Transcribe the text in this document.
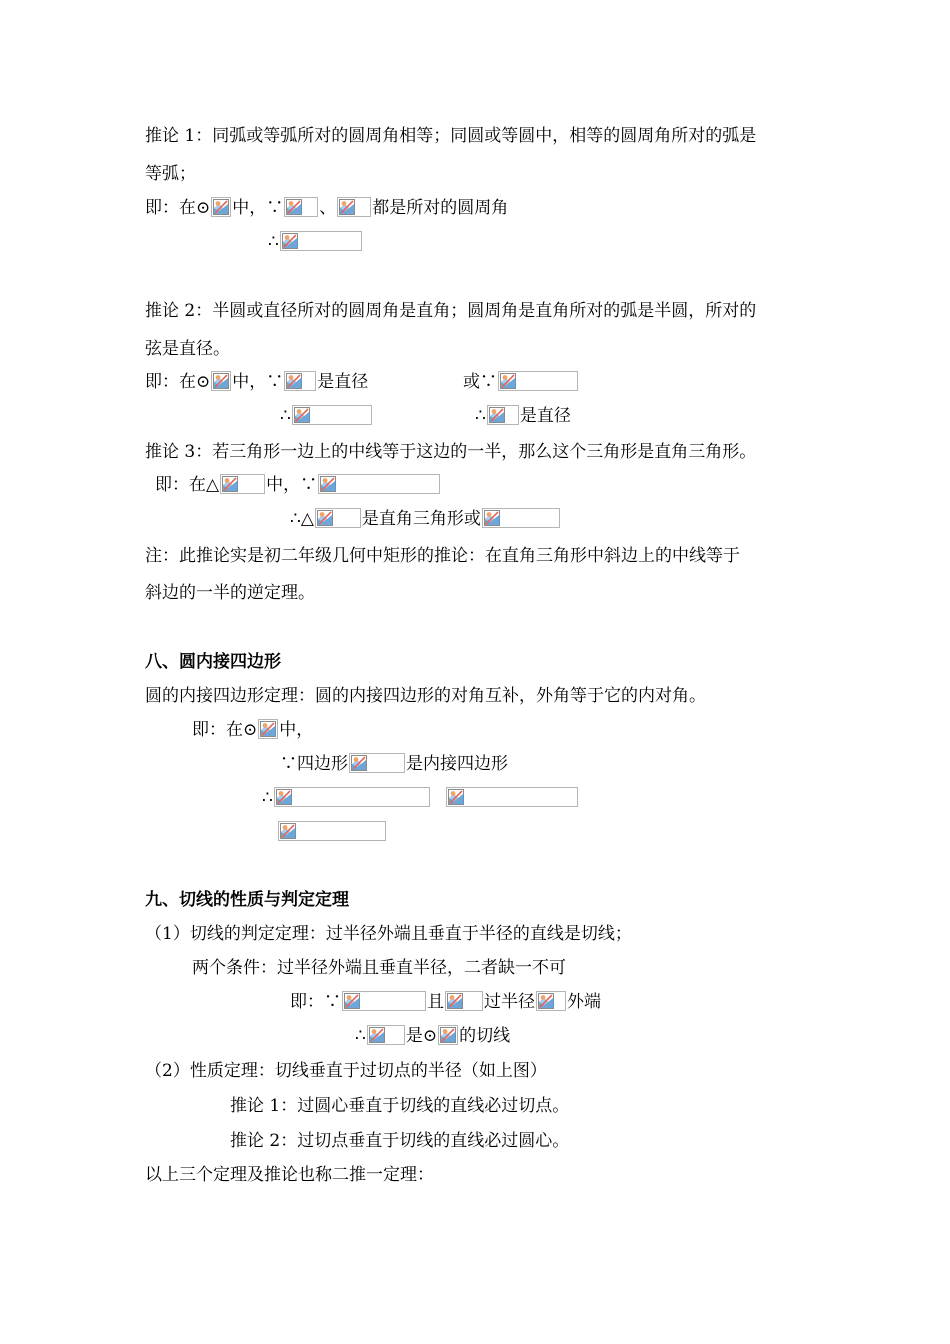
推论 1：同弧或等弧所对的圆周角相等；同圆或等圆中，相等的圆周角所对的弧是
等弧；
即：在⊙ 中，∵ 、 都是所对的圆周角
∴
推论 2：半圆或直径所对的圆周角是直角；圆周角是直角所对的弧是半圆，所对的
弦是直径。
即：在⊙ 中，∵ 是直径	或∵
∴	∴ 是直径
推论 3：若三角形一边上的中线等于这边的一半，那么这个三角形是直角三角形。
即：在△	中，∵
∴△	是直角三角形或
注：此推论实是初二年级几何中矩形的推论：在直角三角形中斜边上的中线等于
斜边的一半的逆定理。
八、圆内接四边形
圆的内接四边形定理：圆的内接四边形的对角互补，外角等于它的内对角。
即：在⊙ 中，
∵四边形	是内接四边形
∴
九、切线的性质与判定定理
（1）切线的判定定理：过半径外端且垂直于半径的直线是切线；
两个条件：过半径外端且垂直半径，二者缺一不可
即：∵	且 过半径 外端
∴ 是⊙ 的切线
（2）性质定理：切线垂直于过切点的半径（如上图）
推论 1：过圆心垂直于切线的直线必过切点。
推论 2：过切点垂直于切线的直线必过圆心。
以上三个定理及推论也称二推一定理：
